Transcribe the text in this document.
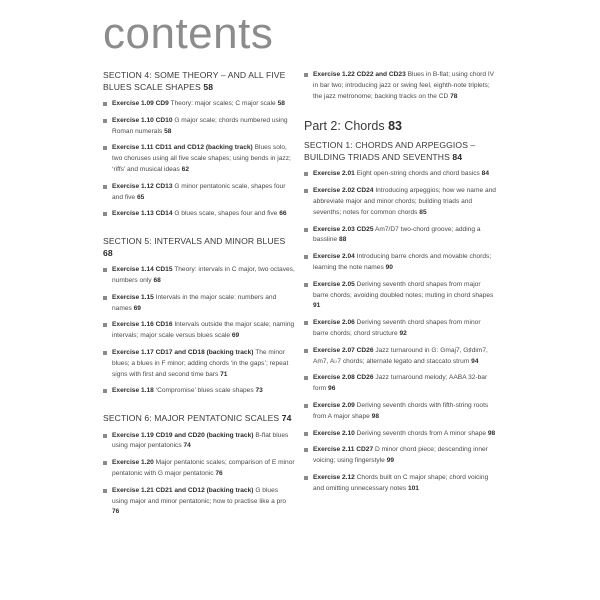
contents
SECTION 4: SOME THEORY – AND ALL FIVE BLUES SCALE SHAPES 58
Exercise 1.09 CD9 Theory: major scales; C major scale 58
Exercise 1.10 CD10 G major scale; chords numbered using Roman numerals 58
Exercise 1.11 CD11 and CD12 (backing track) Blues solo, two choruses using all five scale shapes; using bends in jazz; ‘riffs’ and musical ideas 62
Exercise 1.12 CD13 G minor pentatonic scale, shapes four and five 65
Exercise 1.13 CD14 G blues scale, shapes four and five 66
SECTION 5: INTERVALS AND MINOR BLUES 68
Exercise 1.14 CD15 Theory: intervals in C major, two octaves, numbers only 68
Exercise 1.15 Intervals in the major scale: numbers and names 69
Exercise 1.16 CD16 Intervals outside the major scale; naming intervals; major scale versus blues scale 69
Exercise 1.17 CD17 and CD18 (backing track) The minor blues; a blues in F minor; adding chords ‘in the gaps’; repeat signs with first and second time bars 71
Exercise 1.18 ‘Compromise’ blues scale shapes 73
SECTION 6: MAJOR PENTATONIC SCALES 74
Exercise 1.19 CD19 and CD20 (backing track) B-flat blues using major pentatonics 74
Exercise 1.20 Major pentatonic scales; comparison of E minor pentatonic with G major pentatonic 76
Exercise 1.21 CD21 and CD12 (backing track) G blues using major and minor pentatonic; how to practise like a pro 76
Exercise 1.22 CD22 and CD23 Blues in B-flat; using chord IV in bar two; introducing jazz or swing feel, eighth-note triplets; the jazz metronome; backing tracks on the CD 78
Part 2: Chords 83
SECTION 1: CHORDS AND ARPEGGIOS – BUILDING TRIADS AND SEVENTHS 84
Exercise 2.01 Eight open-string chords and chord basics 84
Exercise 2.02 CD24 Introducing arpeggios; how we name and abbreviate major and minor chords; building triads and sevenths; notes for common chords 85
Exercise 2.03 CD25 Am7/D7 two-chord groove; adding a bassline 88
Exercise 2.04 Introducing barre chords and movable chords; learning the note names 90
Exercise 2.05 Deriving seventh chord shapes from major barre chords; avoiding doubled notes; muting in chord shapes 91
Exercise 2.06 Deriving seventh chord shapes from minor barre chords; chord structure 92
Exercise 2.07 CD26 Jazz turnaround in G: Gmaj7, G♯dim7, Am7, A♭7 chords; alternate legato and staccato strum 94
Exercise 2.08 CD26 Jazz turnaround melody; AABA 32-bar form 96
Exercise 2.09 Deriving seventh chords with fifth-string roots from A major shape 98
Exercise 2.10 Deriving seventh chords from A minor shape 98
Exercise 2.11 CD27 D minor chord piece; descending inner voicing; using fingerstyle 99
Exercise 2.12 Chords built on C major shape; chord voicing and omitting unnecessary notes 101
